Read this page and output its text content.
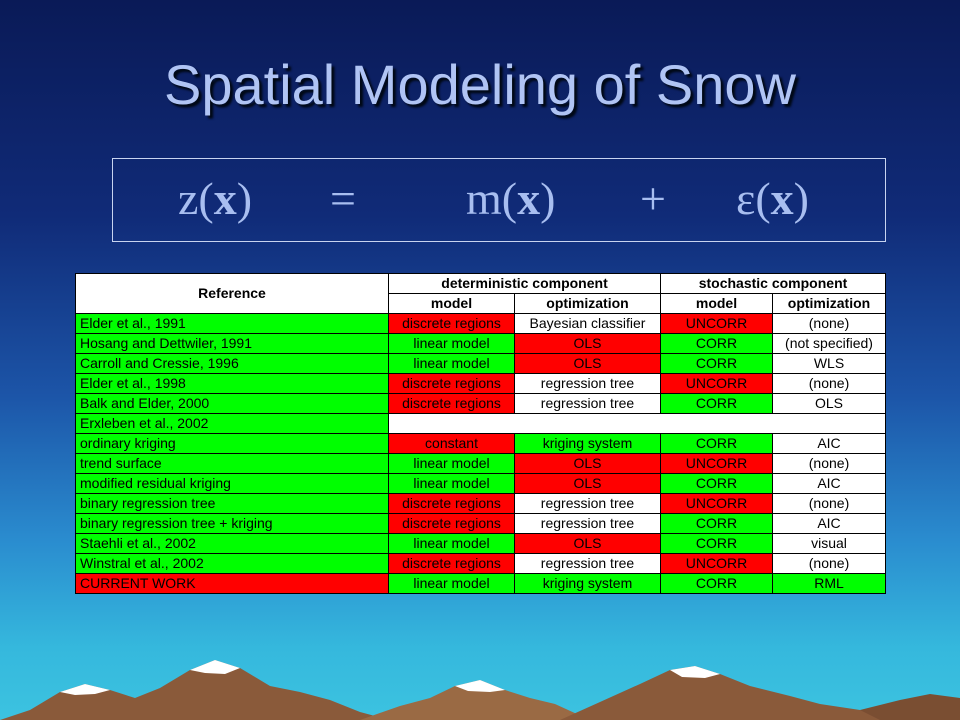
Spatial Modeling of Snow
z(x) = m(x) + ε(x)
Reference	deterministic component		stochastic component	
	model	optimization	model	optimization
Elder et al., 1991	discrete regions	Bayesian classifier	UNCORR	(none)
Hosang and Dettwiler, 1991	linear model	OLS	CORR	(not specified)
Carroll and Cressie, 1996	linear model	OLS	CORR	WLS
Elder et al., 1998	discrete regions	regression tree	UNCORR	(none)
Balk and Elder, 2000	discrete regions	regression tree	CORR	OLS
Erxleben et al., 2002				
ordinary kriging	constant	kriging system	CORR	AIC
trend surface	linear model	OLS	UNCORR	(none)
modified residual kriging	linear model	OLS	CORR	AIC
binary regression tree	discrete regions	regression tree	UNCORR	(none)
binary regression tree + kriging	discrete regions	regression tree	CORR	AIC
Staehli et al., 2002	linear model	OLS	CORR	visual
Winstral et al., 2002	discrete regions	regression tree	UNCORR	(none)
CURRENT WORK	linear model	kriging system	CORR	RML
